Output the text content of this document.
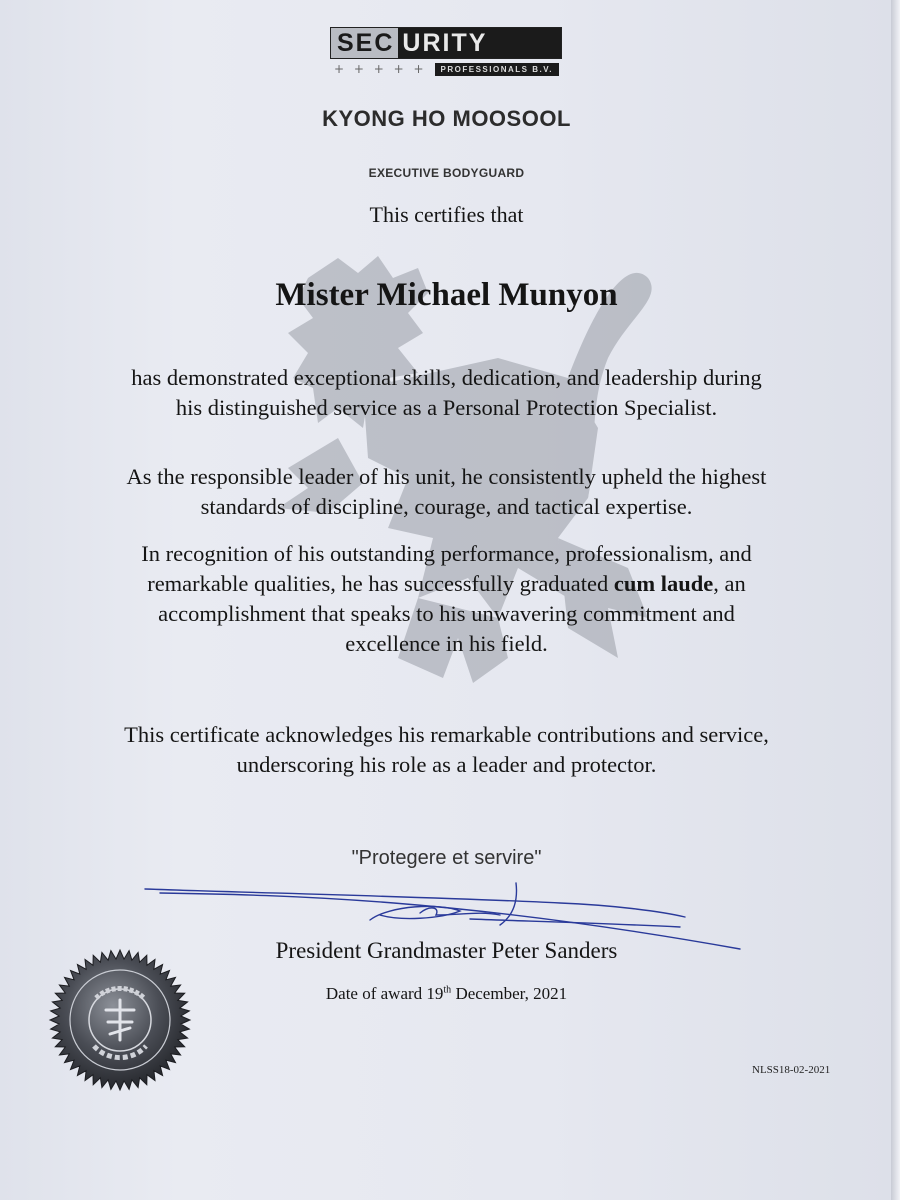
SEC URITY
+ + + + +	PROFESSIONALS B.V.
KYONG HO MOOSOOL
EXECUTIVE BODYGUARD
This certifies that
Mister Michael Munyon
has demonstrated exceptional skills, dedication, and leadership during
his distinguished service as a Personal Protection Specialist.
As the responsible leader of his unit, he consistently upheld the highest
standards of discipline, courage, and tactical expertise.
In recognition of his outstanding performance, professionalism, and
remarkable qualities, he has successfully graduated cum laude, an
accomplishment that speaks to his unwavering commitment and
excellence in his field.
This certificate acknowledges his remarkable contributions and service,
underscoring his role as a leader and protector.
"Protegere et servire"
President Grandmaster Peter Sanders
Date of award 19th December, 2021
NLSS18-02-2021
